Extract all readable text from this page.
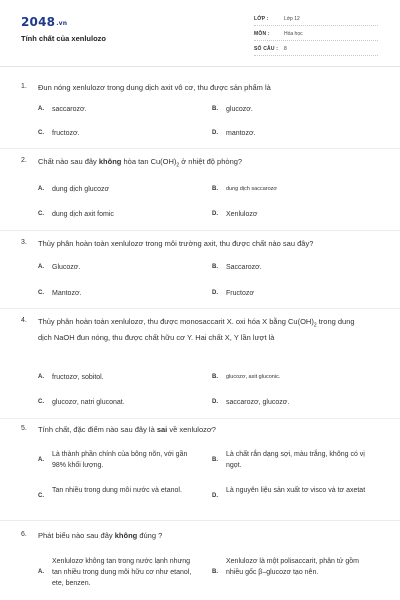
2048.vn
Tính chất của xenlulozo
LỚP :	Lớp 12
MÔN :	Hóa học
SỐ CÂU : 8
1. Đun nóng xenlulozơ trong dung dịch axit vô cơ, thu được sản phẩm là
A. saccarozơ.	B. glucozơ.
C. fructozơ.	D. mantozơ.
2. Chất nào sau đây không hòa $\tan Cu(OH)_2$ ở nhiệt độ phòng?
A. dung dịch glucozơ	B. dung dịch saccarozơ
C. dung dịch axit fomic	D. Xenlulozơ
3. Thủy phân hoàn toàn xenlulozơ trong môi trường axit, thu được chất nào sau đây?
A. Glucozơ.	B. Saccarozơ.
C. Mantozơ.	D. Fructozơ
4. Thủy phân hoàn toàn xenlulozơ, thu được monosaccarit X. oxi hóa X bằng $Cu(OH)_2$ trong dung dịch NaOH đun nóng, thu được chất hữu cơ Y. Hai chất X, Y lần lượt là
A. fructozơ, sobitol.	B. glucozơ, axit gluconic.
C. glucozơ, natri gluconat.	D. saccarozơ, glucozơ.
5. Tính chất, đặc điểm nào sau đây là sai về xenlulozơ?
A.
Là thành phần chính của bông nõn, với gần 98% khối lượng.
B.
Là chất rắn dạng sợi, màu trắng, không có vị ngọt.
C.
Tan nhiều trong dung môi nước và etanol.
D.
Là nguyên liệu sản xuất tơ visco và tơ axetat
6. Phát biểu nào sau đây không đúng ?
A.
Xenlulozơ không tan trong nước lạnh nhưng tan nhiều trong dung môi hữu cơ như etanol, ete, benzen.
B.
Xenlulozơ là một polisaccarit, phân tử gồm nhiều gốc β–glucozơ tạo nên.
